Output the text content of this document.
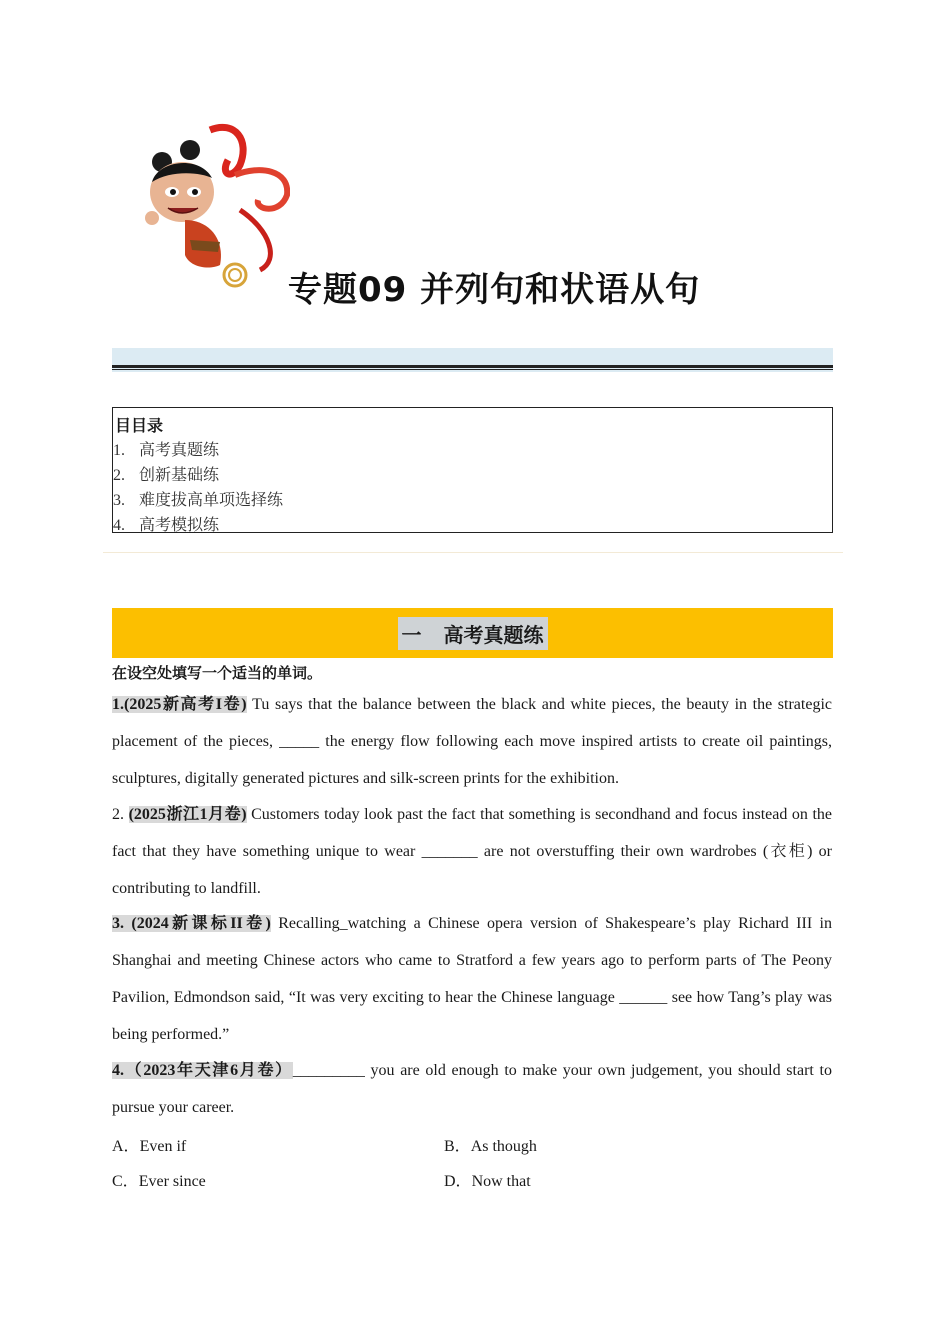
专题09 并列句和状语从句
目目录
1. 高考真题练
2. 创新基础练
3. 难度拔高单项选择练
4. 高考模拟练
一 高考真题练
在设空处填写一个适当的单词。
1.(2025新高考I卷) Tu says that the balance between the black and white pieces, the beauty in the strategic placement of the pieces, _____ the energy flow following each move inspired artists to create oil paintings, sculptures, digitally generated pictures and silk-screen prints for the exhibition.
2. (2025浙江1月卷) Customers today look past the fact that something is secondhand and focus instead on the fact that they have something unique to wear _______ are not overstuffing their own wardrobes (衣柜) or contributing to landfill.
3. (2024新课标II卷) Recalling_watching a Chinese opera version of Shakespeare’s play Richard III in Shanghai and meeting Chinese actors who came to Stratford a few years ago to perform parts of The Peony Pavilion, Edmondson said, “It was very exciting to hear the Chinese language ______ see how Tang’s play was being performed.”
4.（2023年天津6月卷）_________ you are old enough to make your own judgement, you should start to pursue your career.
A．Even if	B．As though
C．Ever since	D．Now that
